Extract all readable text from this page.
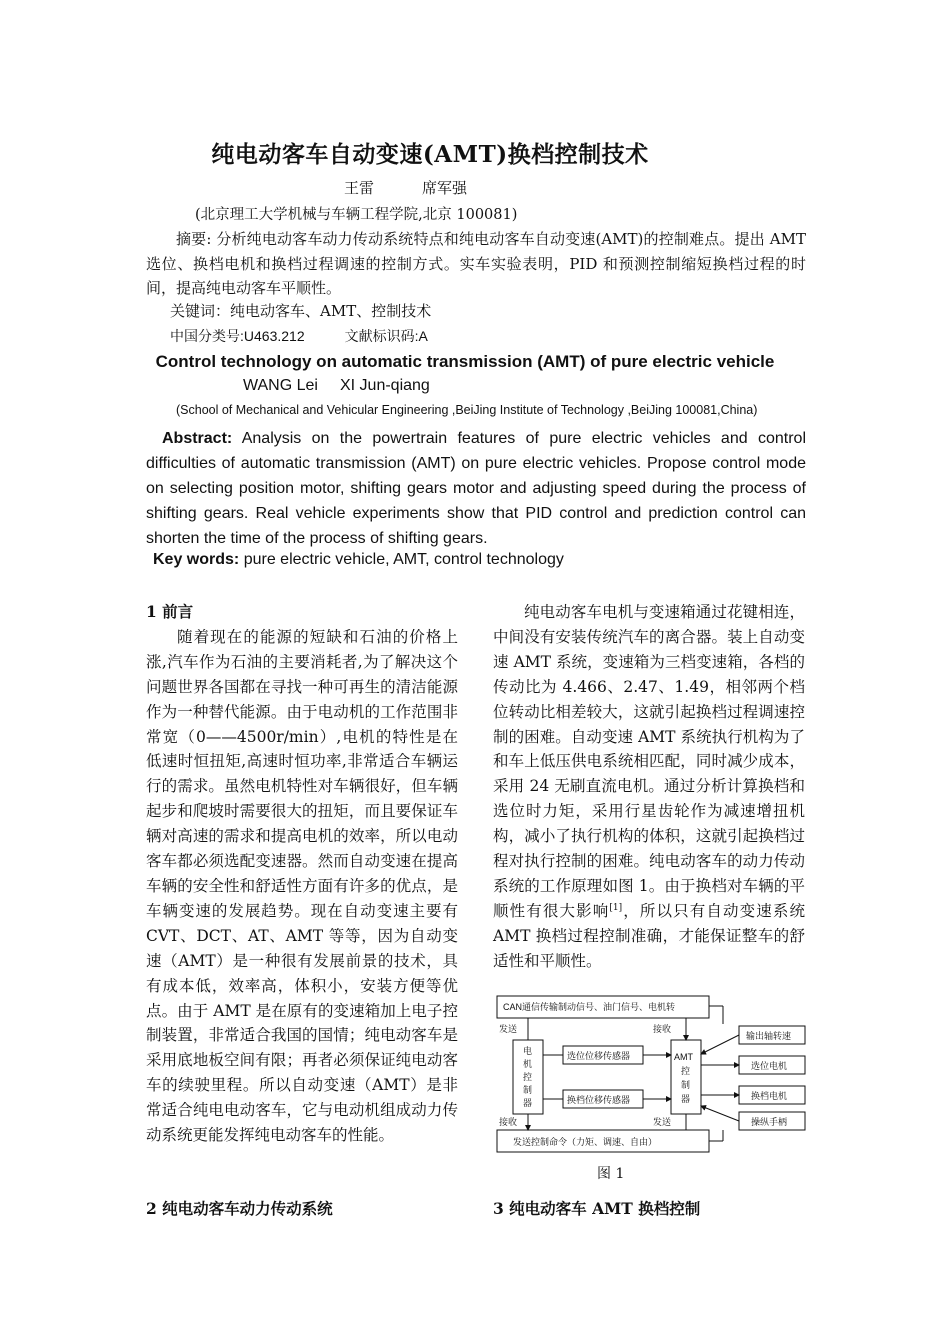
纯电动客车自动变速(AMT)换档控制技术
王雷	席军强
(北京理工大学机械与车辆工程学院,北京 100081)
摘要: 分析纯电动客车动力传动系统特点和纯电动客车自动变速(AMT)的控制难点。提出 AMT 选位、换档电机和换档过程调速的控制方式。实车实验表明，PID 和预测控制缩短换档过程的时间，提高纯电动客车平顺性。
关键词：纯电动客车、AMT、控制技术
中国分类号:U463.212	文献标识码:A
Control technology on automatic transmission (AMT) of pure electric vehicle
WANG Lei XI Jun-qiang
(School of Mechanical and Vehicular Engineering ,BeiJing Institute of Technology ,BeiJing 100081,China)
Abstract: Analysis on the powertrain features of pure electric vehicles and control difficulties of automatic transmission (AMT) on pure electric vehicles. Propose control mode on selecting position motor, shifting gears motor and adjusting speed during the process of shifting gears. Real vehicle experiments show that PID control and prediction control can shorten the time of the process of shifting gears.
Key words: pure electric vehicle, AMT, control technology
1 前言
随着现在的能源的短缺和石油的价格上涨,汽车作为石油的主要消耗者,为了解决这个问题世界各国都在寻找一种可再生的清洁能源作为一种替代能源。由于电动机的工作范围非常宽（0——4500r/min）,电机的特性是在低速时恒扭矩,高速时恒功率,非常适合车辆运行的需求。虽然电机特性对车辆很好，但车辆起步和爬坡时需要很大的扭矩，而且要保证车辆对高速的需求和提高电机的效率，所以电动客车都必须选配变速器。然而自动变速在提高车辆的安全性和舒适性方面有许多的优点，是车辆变速的发展趋势。现在自动变速主要有 CVT、DCT、AT、AMT 等等，因为自动变速（AMT）是一种很有发展前景的技术，具有成本低，效率高，体积小，安装方便等优点。由于 AMT 是在原有的变速箱加上电子控制装置，非常适合我国的国情；纯电动客车是采用底地板空间有限；再者必须保证纯电动客车的续驶里程。所以自动变速（AMT）是非常适合纯电电动客车，它与电动机组成动力传动系统更能发挥纯电动客车的性能。
纯电动客车电机与变速箱通过花键相连，中间没有安装传统汽车的离合器。装上自动变速 AMT 系统，变速箱为三档变速箱，各档的传动比为 4.466、2.47、1.49，相邻两个档位转动比相差较大，这就引起换档过程调速控制的困难。自动变速 AMT 系统执行机构为了和车上低压供电系统相匹配，同时减少成本，采用 24 无刷直流电机。通过分析计算换档和选位时力矩，采用行星齿轮作为减速增扭机构，减小了执行机构的体积，这就引起换档过程对执行控制的困难。纯电动客车的动力传动系统的工作原理如图 1。由于换档对车辆的平顺性有很大影响[1]，所以只有自动变速系统 AMT 换档过程控制准确，才能保证整车的舒适性和平顺性。
CAN通信传输制动信号、油门信号、电机转
发送	接收
电
机
控
制
器
选位位移传感器
换档位移传感器
AMT
控
制
器
输出轴转速
选位电机
换档电机
操纵手柄
接收	发送
发送控制命令（力矩、调速、自由）
图 1
2 纯电动客车动力传动系统	3 纯电动客车 AMT 换档控制
